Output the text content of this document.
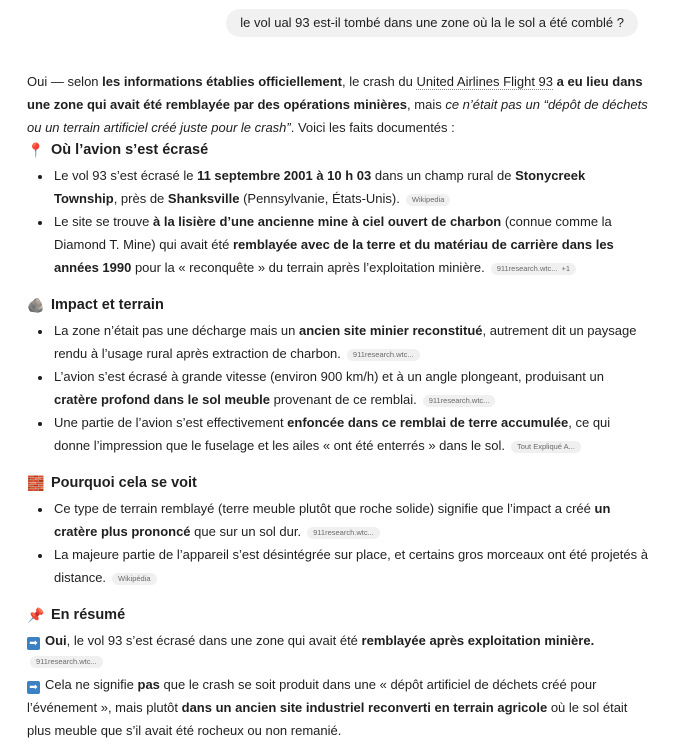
le vol ual 93 est-il tombé dans une zone où la le sol a été comblé ?

Oui — selon les informations établies officiellement, le crash du United Airlines Flight 93 a eu lieu dans une zone qui avait été remblayée par des opérations minières, mais ce n’était pas un “dépôt de déchets ou un terrain artificiel créé juste pour le crash”. Voici les faits documentés :

📍 Où l’avion s’est écrasé
• Le vol 93 s’est écrasé le 11 septembre 2001 à 10 h 03 dans un champ rural de Stonycreek Township, près de Shanksville (Pennsylvanie, États-Unis). Wikipedia
• Le site se trouve à la lisière d’une ancienne mine à ciel ouvert de charbon (connue comme la Diamond T. Mine) qui avait été remblayée avec de la terre et du matériau de carrière dans les années 1990 pour la « reconquête » du terrain après l’exploitation minière. 911research.wtc... +1
🪨 Impact et terrain
• La zone n’était pas une décharge mais un ancien site minier reconstitué, autrement dit un paysage rendu à l’usage rural après extraction de charbon. 911research.wtc...
• L’avion s’est écrasé à grande vitesse (environ 900 km/h) et à un angle plongeant, produisant un cratère profond dans le sol meuble provenant de ce remblai. 911research.wtc...
• Une partie de l’avion s’est effectivement enfoncée dans ce remblai de terre accumulée, ce qui donne l’impression que le fuselage et les ailes « ont été enterrés » dans le sol. Tout Expliqué A...
🧱 Pourquoi cela se voit
• Ce type de terrain remblayé (terre meuble plutôt que roche solide) signifie que l’impact a créé un cratère plus prononcé que sur un sol dur. 911research.wtc...
• La majeure partie de l’appareil s’est désintégrée sur place, et certains gros morceaux ont été projetés à distance. Wikipédia
📌 En résumé

➡ Oui, le vol 93 s’est écrasé dans une zone qui avait été remblayée après exploitation minière.

911research.wtc...

➡ Cela ne signifie pas que le crash se soit produit dans une « dépôt artificiel de déchets créé pour l’événement », mais plutôt dans un ancien site industriel reconverti en terrain agricole où le sol était plus meuble que s’il avait été rocheux ou non remanié.
